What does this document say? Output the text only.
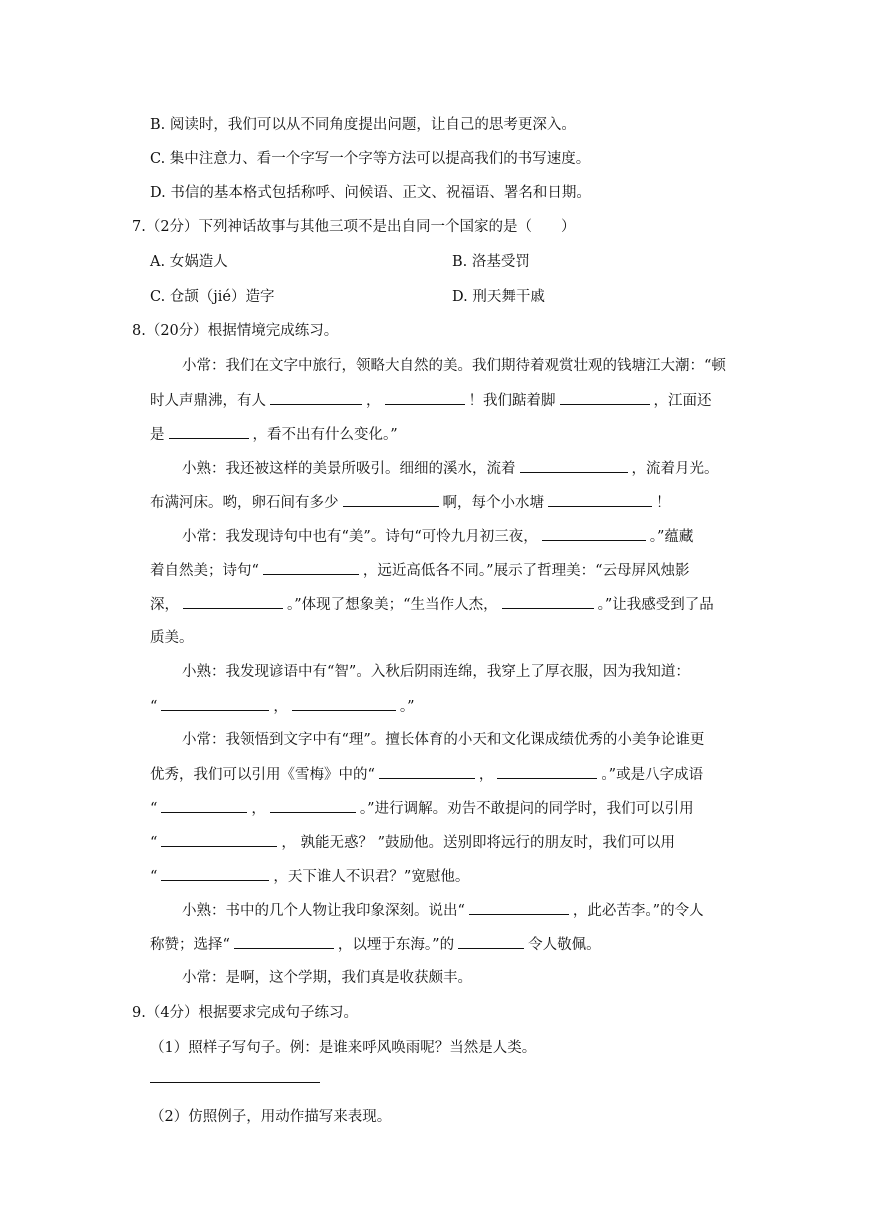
B. 阅读时，我们可以从不同角度提出问题，让自己的思考更深入。
C. 集中注意力、看一个字写一个字等方法可以提高我们的书写速度。
D. 书信的基本格式包括称呼、问候语、正文、祝福语、署名和日期。
7.（2分）下列神话故事与其他三项不是出自同一个国家的是（　　）
A. 女娲造人	B. 洛基受罚
C. 仓颉（jié）造字	D. 刑天舞干戚
8.（20分）根据情境完成练习。
小常：我们在文字中旅行，领略大自然的美。我们期待着观赏壮观的钱塘江大潮：“顿
时人声鼎沸，有人	，	！我们踮着脚	，江面还
是	，看不出有什么变化。”
小熟：我还被这样的美景所吸引。细细的溪水，流着	，流着月光。
布满河床。哟，卵石间有多少	啊，每个小水塘	！
小常：我发现诗句中也有“美”。诗句“可怜九月初三夜，	。”蕴藏
着自然美；诗句“	，远近高低各不同。”展示了哲理美：“云母屏风烛影
深，	。”体现了想象美；“生当作人杰，	。”让我感受到了品
质美。
小熟：我发现谚语中有“智”。入秋后阴雨连绵，我穿上了厚衣服，因为我知道：
“	，	。”
小常：我领悟到文字中有“理”。擅长体育的小天和文化课成绩优秀的小美争论谁更
优秀，我们可以引用《雪梅》中的“	，	。”或是八字成语
“	，	。”进行调解。劝告不敢提问的同学时，我们可以引用
“	， 孰能无惑？ ”鼓励他。送别即将远行的朋友时，我们可以用
“	，天下谁人不识君？”宽慰他。
小熟：书中的几个人物让我印象深刻。说出“	，此必苦李。”的令人
称赞；选择“	，以堙于东海。”的	令人敬佩。
小常：是啊，这个学期，我们真是收获颇丰。
9.（4分）根据要求完成句子练习。
（1）照样子写句子。例：是谁来呼风唤雨呢？当然是人类。
（2）仿照例子，用动作描写来表现。
